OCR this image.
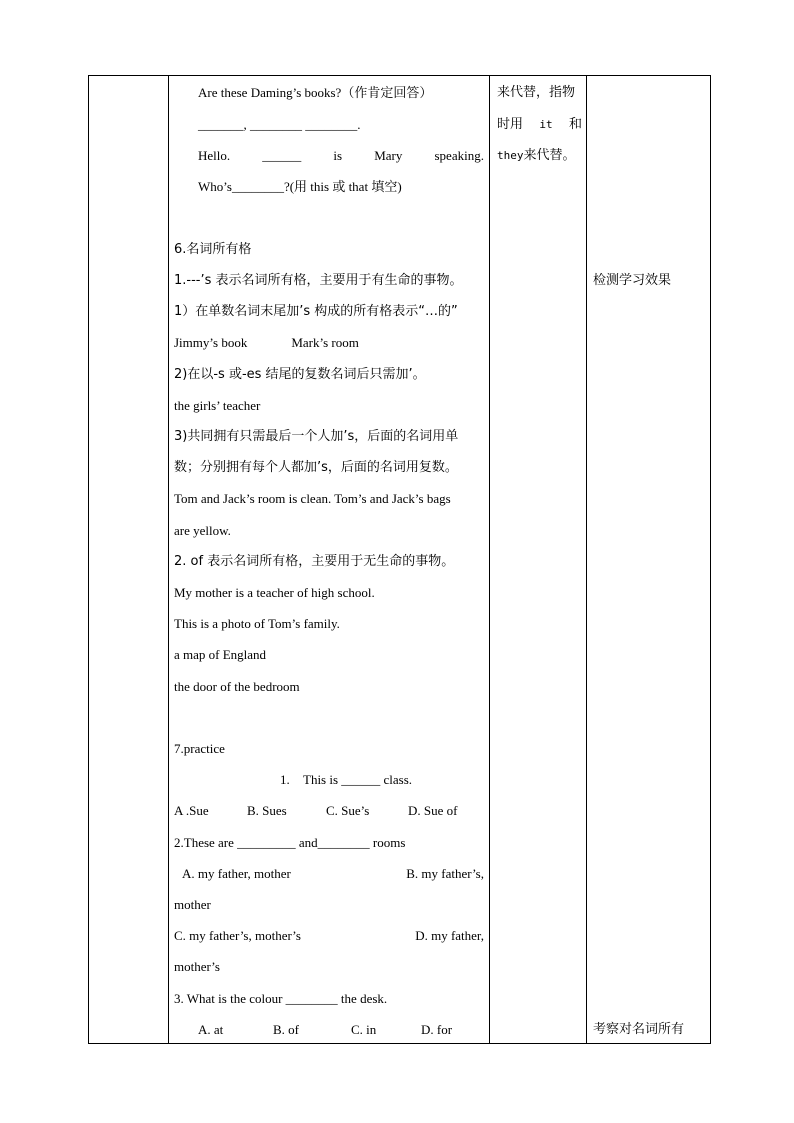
Are these Daming’s books?（作肯定回答）
_______, ________ ________.
Hello. ______ is Mary speaking.
Who’s________?(用 this 或 that 填空)
6.名词所有格
1.---’s 表示名词所有格，主要用于有生命的事物。
1）在单数名词末尾加’s 构成的所有格表示“…的”
Jimmy’s book	Mark’s room
2)在以-s 或-es 结尾的复数名词后只需加’。
the girls’ teacher
3)共同拥有只需最后一个人加’s，后面的名词用单
数；分别拥有每个人都加’s，后面的名词用复数。
Tom and Jack’s room is clean. Tom’s and Jack’s bags
are yellow.
2. of 表示名词所有格，主要用于无生命的事物。
My mother is a teacher of high school.
This is a photo of Tom’s family.
a map of England
the door of the bedroom
7.practice
1.	This is ______ class.
A .Sue	B. Sues	C. Sue’s	D. Sue of
2.These are _________ and________ rooms
A. my father, mother	B. my father’s,
mother
C. my father’s, mother’s	D. my father,
mother’s
3. What is the colour ________ the desk.
A. at	B. of	C. in	D. for

来代替，指物
时用 it 和
they来代替。

检测学习效果
考察对名词所有
